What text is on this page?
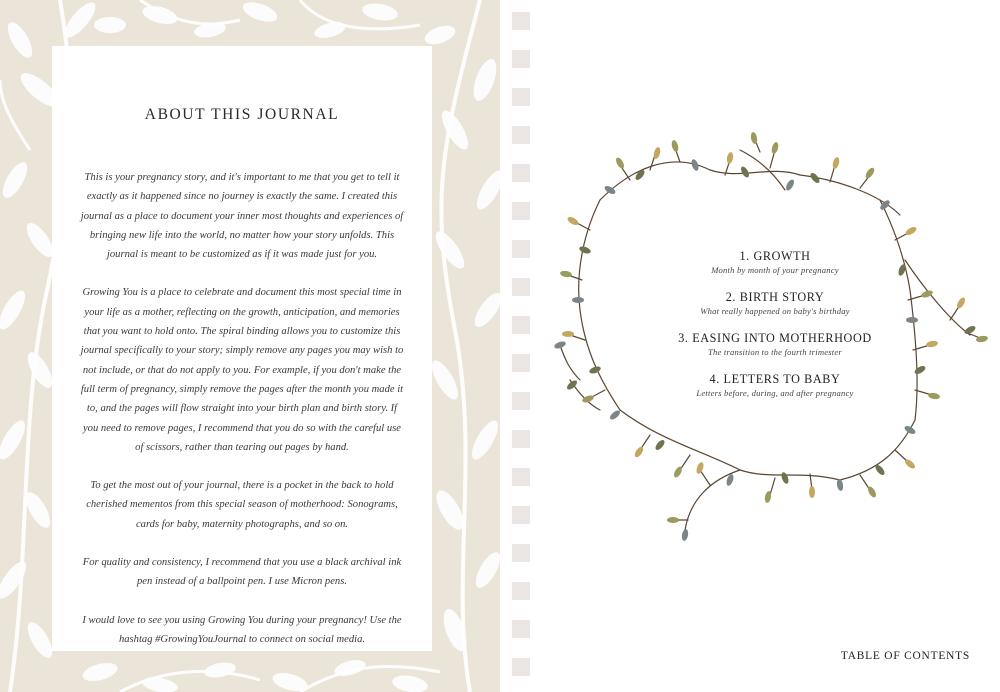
ABOUT THIS JOURNAL

This is your pregnancy story, and it's important to me that you get to tell it exactly as it happened since no journey is exactly the same. I created this journal as a place to document your inner most thoughts and experiences of bringing new life into the world, no matter how your story unfolds. This journal is meant to be customized as if it was made just for you.

Growing You is a place to celebrate and document this most special time in your life as a mother, reflecting on the growth, anticipation, and memories that you want to hold onto. The spiral binding allows you to customize this journal specifically to your story; simply remove any pages you may wish to not include, or that do not apply to you. For example, if you don't make the full term of pregnancy, simply remove the pages after the month you made it to, and the pages will flow straight into your birth plan and birth story. If you need to remove pages, I recommend that you do so with the careful use of scissors, rather than tearing out pages by hand.

To get the most out of your journal, there is a pocket in the back to hold cherished mementos from this special season of motherhood: Sonograms, cards for baby, maternity photographs, and so on.

For quality and consistency, I recommend that you use a black archival ink pen instead of a ballpoint pen. I use Micron pens.

I would love to see you using Growing You during your pregnancy! Use the hashtag #GrowingYouJournal to connect on social media.

1. GROWTH
Month by month of your pregnancy
2. BIRTH STORY
What really happened on baby's birthday
3. EASING INTO MOTHERHOOD
The transition to the fourth trimester
4. LETTERS TO BABY
Letters before, during, and after pregnancy
TABLE OF CONTENTS
